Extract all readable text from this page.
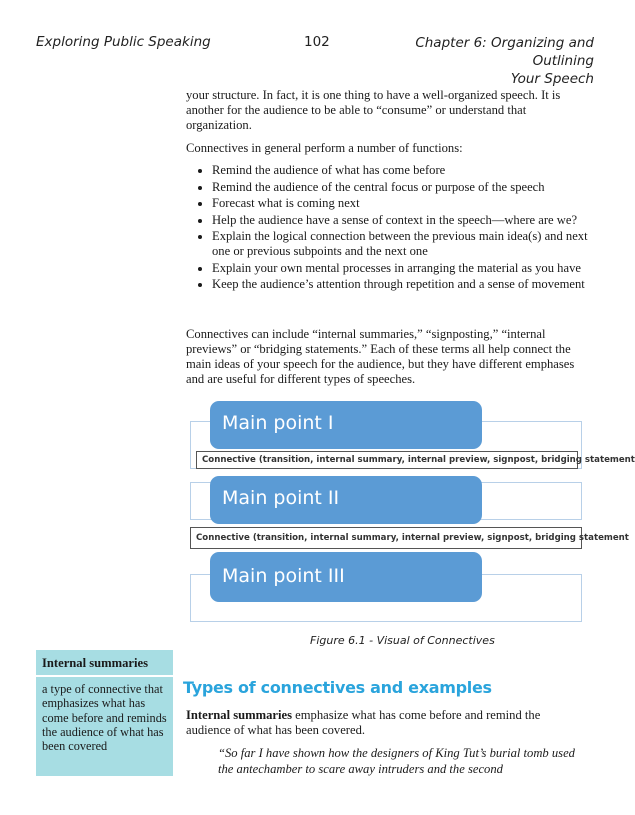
Exploring Public Speaking	102	Chapter 6: Organizing and Outlining
Your Speech

your structure. In fact, it is one thing to have a well-organized speech. It is another for the audience to be able to “consume” or understand that organization.

Connectives in general perform a number of functions:

• Remind the audience of what has come before
• Remind the audience of the central focus or purpose of the speech
• Forecast what is coming next
• Help the audience have a sense of context in the speech—where are we?
• Explain the logical connection between the previous main idea(s) and next one or previous subpoints and the next one
• Explain your own mental processes in arranging the material as you have
• Keep the audience’s attention through repetition and a sense of movement

Connectives can include “internal summaries,” “signposting,” “internal previews” or “bridging statements.” Each of these terms all help connect the main ideas of your speech for the audience, but they have different emphases and are useful for different types of speeches.

Main point I
Connective (transition, internal summary, internal preview, signpost, bridging statement
Main point II
Connective (transition, internal summary, internal preview, signpost, bridging statement
Main point III
Figure 6.1 - Visual of Connectives
Internal summaries
a type of connective that emphasizes what has come before and reminds the audience of what has been covered
Types of connectives and examples

Internal summaries emphasize what has come before and remind the audience of what has been covered.

“So far I have shown how the designers of King Tut’s burial tomb used the antechamber to scare away intruders and the second
